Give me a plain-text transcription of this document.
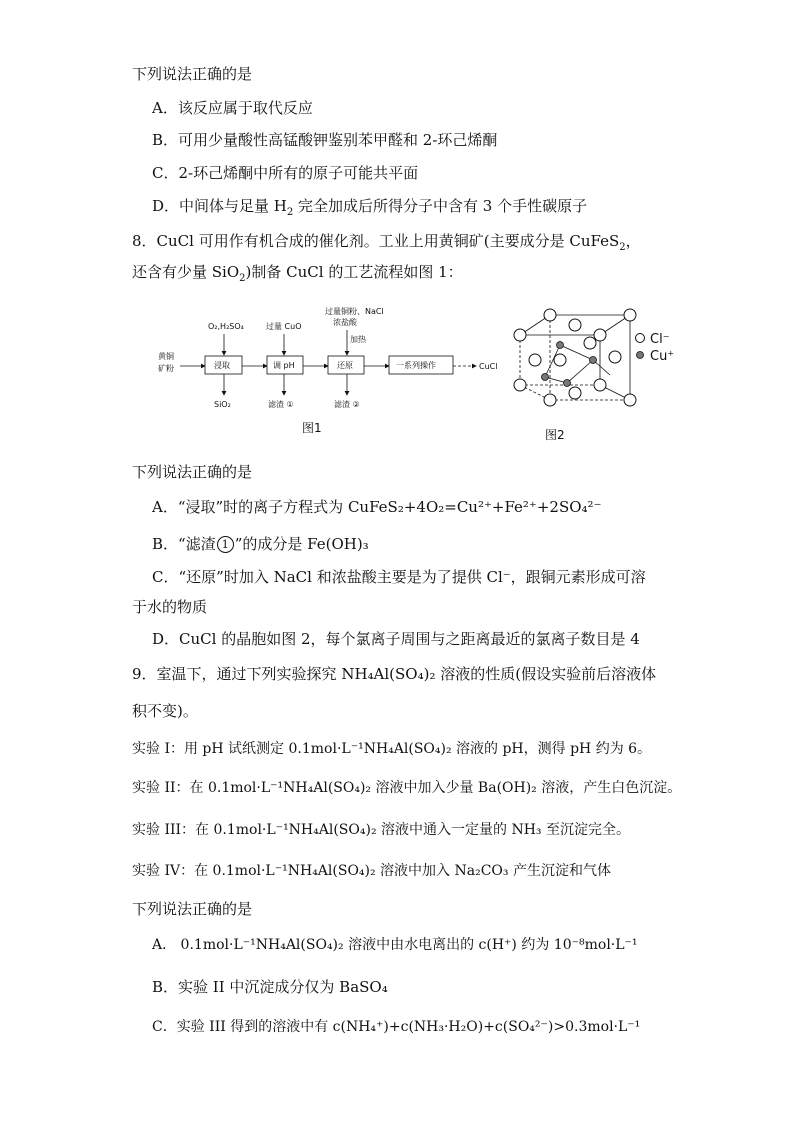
下列说法正确的是
A．该反应属于取代反应
B．可用少量酸性高锰酸钾鉴别苯甲醛和 2-环己烯酮
C．2-环己烯酮中所有的原子可能共平面
D．中间体与足量 $H_2$ 完全加成后所得分子中含有 3 个手性碳原子
8．CuCl 可用作有机合成的催化剂。工业上用黄铜矿(主要成分是 CuFeS$_2$，
还含有少量 SiO$_2$)制备 CuCl 的工艺流程如图 1：
黄铜
矿粉
O₂,H₂SO₄
浸取
SiO₂
过量 CuO
调 pH
滤渣 ①
过量铜粉、NaCl
浓盐酸
加热
还原
滤渣 ②
一系列操作	CuCl
图1
Cl⁻
Cu⁺
图2
下列说法正确的是
A．“浸取”时的离子方程式为 CuFeS₂+4O₂=Cu²⁺+Fe²⁺+2SO₄²⁻
B．“滤渣 1 ”的成分是 Fe(OH)₃
C．“还原”时加入 NaCl 和浓盐酸主要是为了提供 Cl⁻，跟铜元素形成可溶
于水的物质
D．CuCl 的晶胞如图 2，每个氯离子周围与之距离最近的氯离子数目是 4
9．室温下，通过下列实验探究 NH₄Al(SO₄)₂ 溶液的性质(假设实验前后溶液体
积不变)。
实验 I：用 pH 试纸测定 0.1mol·L⁻¹NH₄Al(SO₄)₂ 溶液的 pH，测得 pH 约为 6。
实验 II：在 0.1mol·L⁻¹NH₄Al(SO₄)₂ 溶液中加入少量 Ba(OH)₂ 溶液，产生白色沉淀。
实验 III：在 0.1mol·L⁻¹NH₄Al(SO₄)₂ 溶液中通入一定量的 NH₃ 至沉淀完全。
实验 IV：在 0.1mol·L⁻¹NH₄Al(SO₄)₂ 溶液中加入 Na₂CO₃ 产生沉淀和气体
下列说法正确的是
A． 0.1mol·L⁻¹NH₄Al(SO₄)₂ 溶液中由水电离出的 c(H⁺) 约为 10⁻⁸mol·L⁻¹
B．实验 II 中沉淀成分仅为 BaSO₄
C．实验 III 得到的溶液中有 c(NH₄⁺)+c(NH₃·H₂O)+c(SO₄²⁻)>0.3mol·L⁻¹
